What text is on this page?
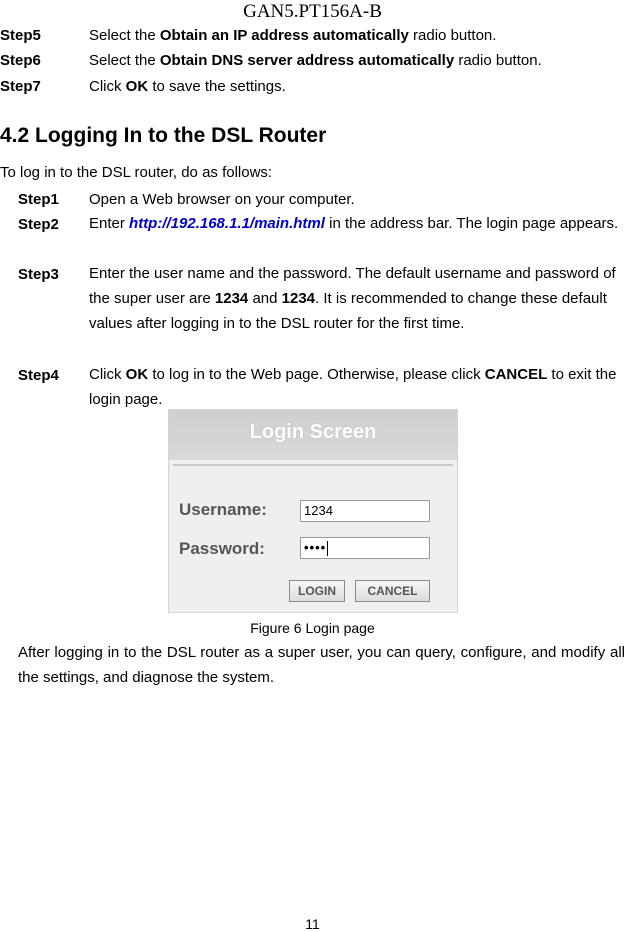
GAN5.PT156A-B
Step5	Select the Obtain an IP address automatically radio button.
Step6	Select the Obtain DNS server address automatically radio button.
Step7	Click OK to save the settings.
4.2 Logging In to the DSL Router
To log in to the DSL router, do as follows:
Step1 Open a Web browser on your computer.
Step2 Enter http://192.168.1.1/main.html in the address bar. The login page appears.
Step3 Enter the user name and the password. The default username and password of the super user are 1234 and 1234. It is recommended to change these default values after logging in to the DSL router for the first time.
Step4 Click OK to log in to the Web page. Otherwise, please click CANCEL to exit the login page.
Login Screen
Username:	1234
Password:	••••
LOGIN	CANCEL
Figure 6 Login page
After logging in to the DSL router as a super user, you can query, configure, and modify all the settings, and diagnose the system.
11
